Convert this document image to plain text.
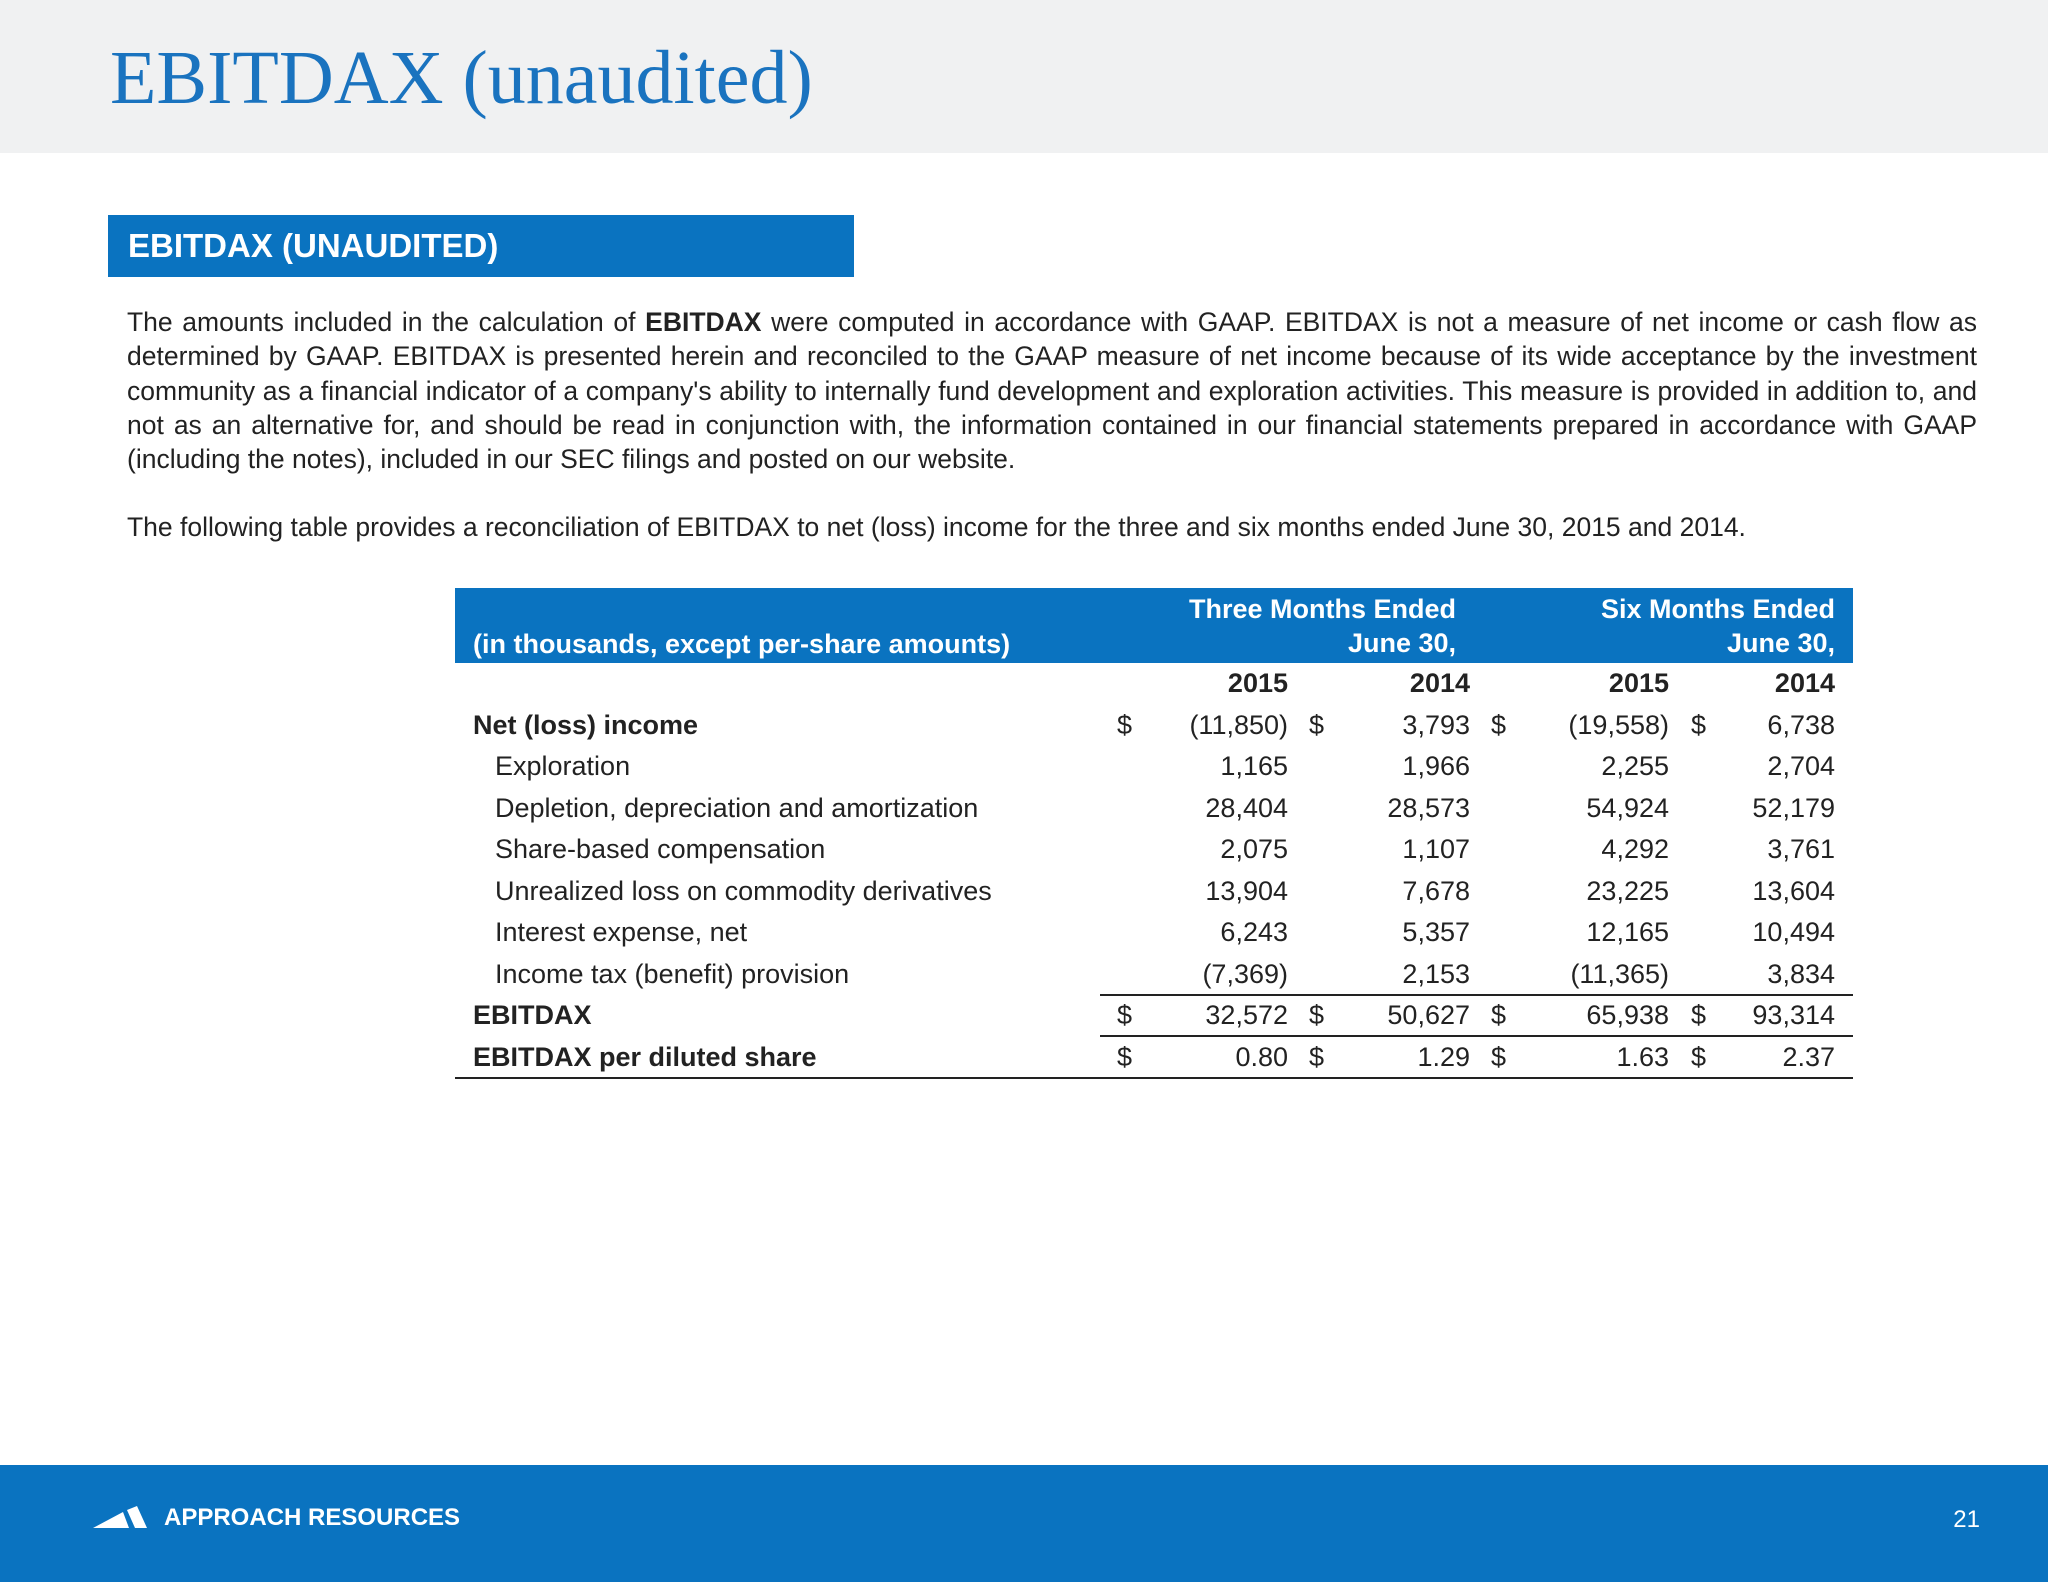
EBITDAX (unaudited)
EBITDAX (UNAUDITED)

The amounts included in the calculation of EBITDAX were computed in accordance with GAAP. EBITDAX is not a measure of net income or cash flow as determined by GAAP. EBITDAX is presented herein and reconciled to the GAAP measure of net income because of its wide acceptance by the investment community as a financial indicator of a company's ability to internally fund development and exploration activities. This measure is provided in addition to, and not as an alternative for, and should be read in conjunction with, the information contained in our financial statements prepared in accordance with GAAP (including the notes), included in our SEC filings and posted on our website.

The following table provides a reconciliation of EBITDAX to net (loss) income for the three and six months ended June 30, 2015 and 2014.

(in thousands, except per-share amounts)
Three Months Ended
June 30,
Six Months Ended
June 30,
2015	2014	2015	2014
Net (loss) income	$	(11,850) $	3,793 $	(19,558) $	6,738
Exploration	1,165	1,966	2,255	2,704
Depletion, depreciation and amortization	28,404	28,573	54,924	52,179
Share-based compensation	2,075	1,107	4,292	3,761
Unrealized loss on commodity derivatives	13,904	7,678	23,225	13,604
Interest expense, net	6,243	5,357	12,165	10,494
Income tax (benefit) provision	(7,369)	2,153	(11,365)	3,834
EBITDAX	$	32,572 $	50,627 $	65,938 $	93,314
EBITDAX per diluted share	$	0.80 $	1.29 $	1.63 $	2.37
APPROACH RESOURCES	21
